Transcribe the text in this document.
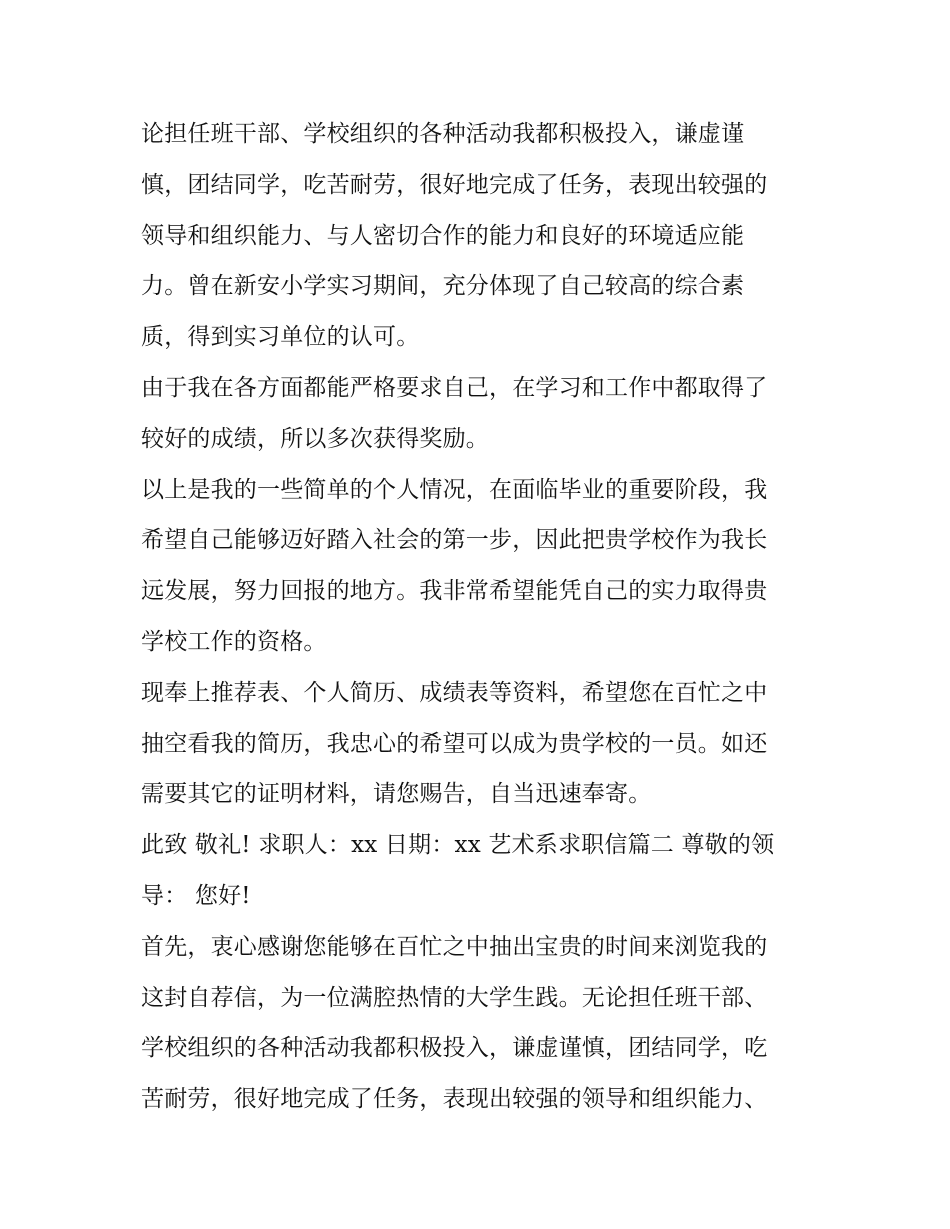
论担任班干部、学校组织的各种活动我都积极投入，谦虚谨
慎，团结同学，吃苦耐劳，很好地完成了任务，表现出较强的
领导和组织能力、与人密切合作的能力和良好的环境适应能
力。曾在新安小学实习期间，充分体现了自己较高的综合素
质，得到实习单位的认可。
由于我在各方面都能严格要求自己，在学习和工作中都取得了
较好的成绩，所以多次获得奖励。
以上是我的一些简单的个人情况，在面临毕业的重要阶段，我
希望自己能够迈好踏入社会的第一步，因此把贵学校作为我长
远发展，努力回报的地方。我非常希望能凭自己的实力取得贵
学校工作的资格。
现奉上推荐表、个人简历、成绩表等资料，希望您在百忙之中
抽空看我的简历，我忠心的希望可以成为贵学校的一员。如还
需要其它的证明材料，请您赐告，自当迅速奉寄。
此致 敬礼! 求职人：xx 日期：xx 艺术系求职信篇二 尊敬的领
导： 您好!
首先，衷心感谢您能够在百忙之中抽出宝贵的时间来浏览我的
这封自荐信，为一位满腔热情的大学生践。无论担任班干部、
学校组织的各种活动我都积极投入，谦虚谨慎，团结同学，吃
苦耐劳，很好地完成了任务，表现出较强的领导和组织能力、
